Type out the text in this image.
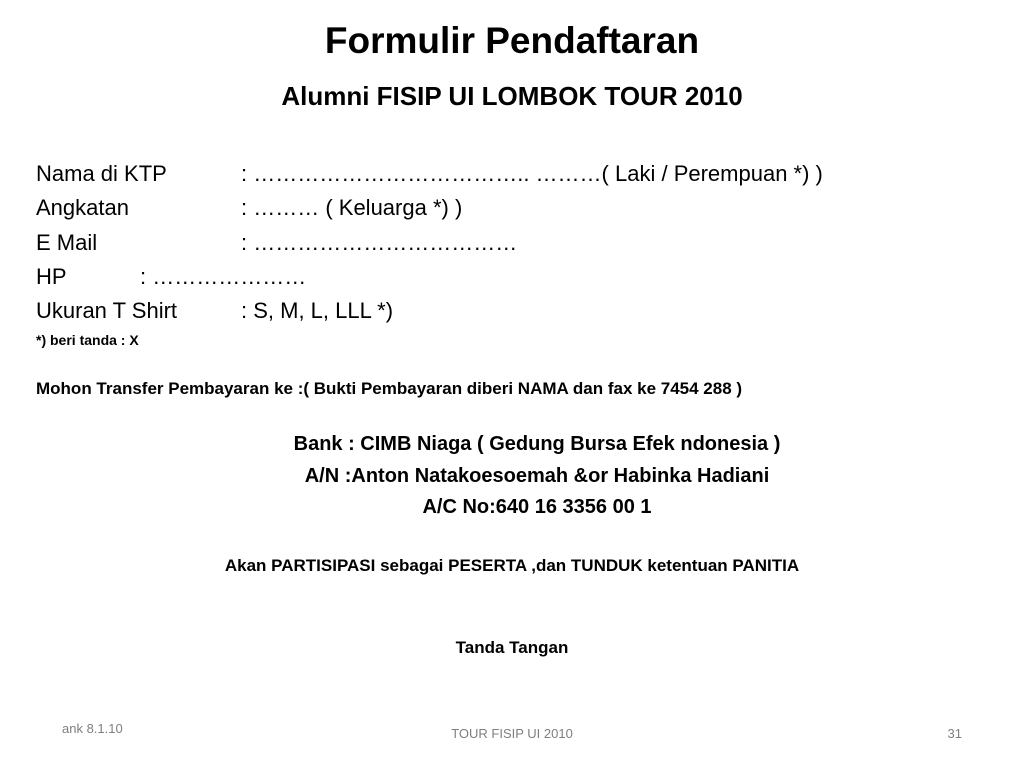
Formulir Pendaftaran
Alumni FISIP UI LOMBOK TOUR 2010
Nama di KTP	: ……………………………….. ………( Laki / Perempuan *) )
Angkatan	: ……… ( Keluarga *) )
E Mail	: ………………………………
HP	: …………………
Ukuran T Shirt	: S, M, L, LLL *)
*) beri tanda : X
Mohon Transfer Pembayaran ke :( Bukti Pembayaran diberi NAMA dan fax ke 7454 288 )
Bank : CIMB Niaga ( Gedung Bursa Efek ndonesia )
A/N :Anton Natakoesoemah &or Habinka Hadiani
A/C No:640 16 3356 00 1
Akan PARTISIPASI sebagai PESERTA ,dan TUNDUK ketentuan PANITIA
Tanda Tangan
ank 8.1.10	TOUR FISIP UI 2010	31
